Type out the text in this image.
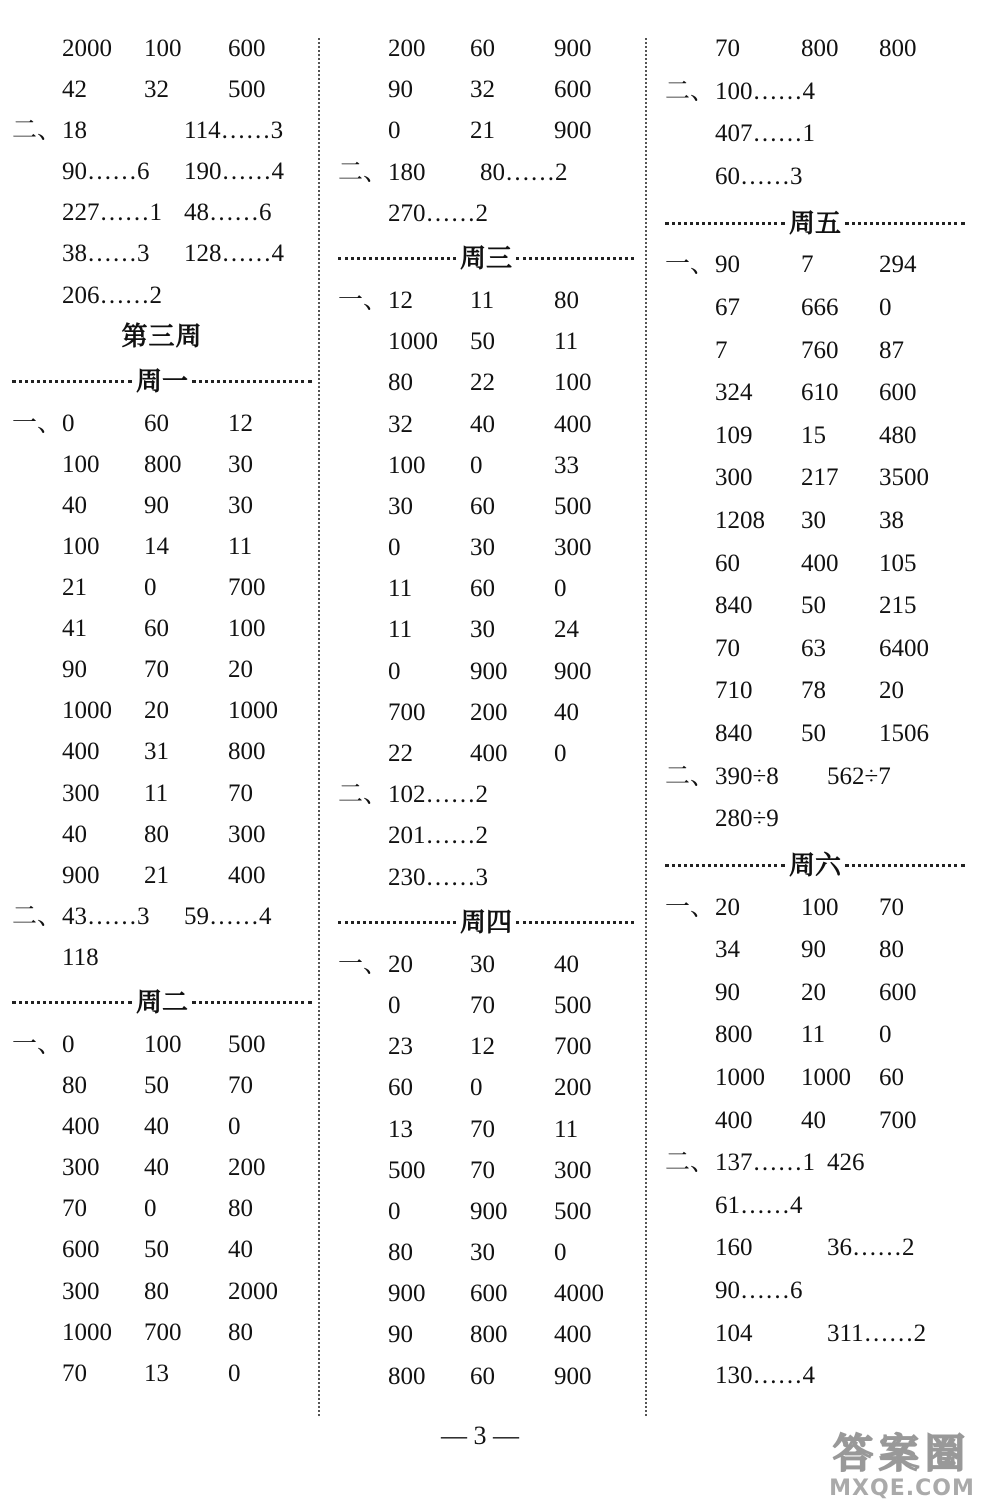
2000 100 600
42 32 500
二、 18	114……3
90……6 190……4
227……1 48……6
38……3 128……4
206……2
第三周
周一
一、 0	60 12
100 800 30
40 90 30
100 14 11
21 0	700
41 60 100
90 70 20
1000 20 1000
400 31 800
300 11 70
40 80 300
900 21 400
二、 43……3 59……4
118
周二
一、 0	100 500
80 50 70
400 40 0
300 40 200
70 0	80
600 50 40
300 80 2000
1000 700 80
70 13 0
200 60 900
90 32 600
0	21 900
二、 180 80……2
270……2
周三
一、 12 11 80
1000 50 11
80 22 100
32 40 400
100 0	33
30 60 500
0	30 300
11 60 0
11 30 24
0	900 900
700 200 40
22 400 0
二、 102……2
201……2
230……3
周四
一、 20 30 40
0	70 500
23 12 700
60 0	200
13 70 11
500 70 300
0	900 500
80 30 0
900 600 4000
90 800 400
800 60 900
70 800 800
二、 100……4
407……1
60……3
周五
一、 90 7	294
67 666 0
7	760 87
324 610 600
109 15 480
300 217 3500
1208 30 38
60 400 105
840 50 215
70 63 6400
710 78 20
840 50 1506
二、 390÷8 562÷7
280÷9
周六
一、 20 100 70
34 90 80
90 20 600
800 11 0
1000 1000 60
400 40 700
二、 137……1 426
61……4
160	36……2
90……6
104	311……2
130……4
— 3 —	答案圈
MXQE.COM
